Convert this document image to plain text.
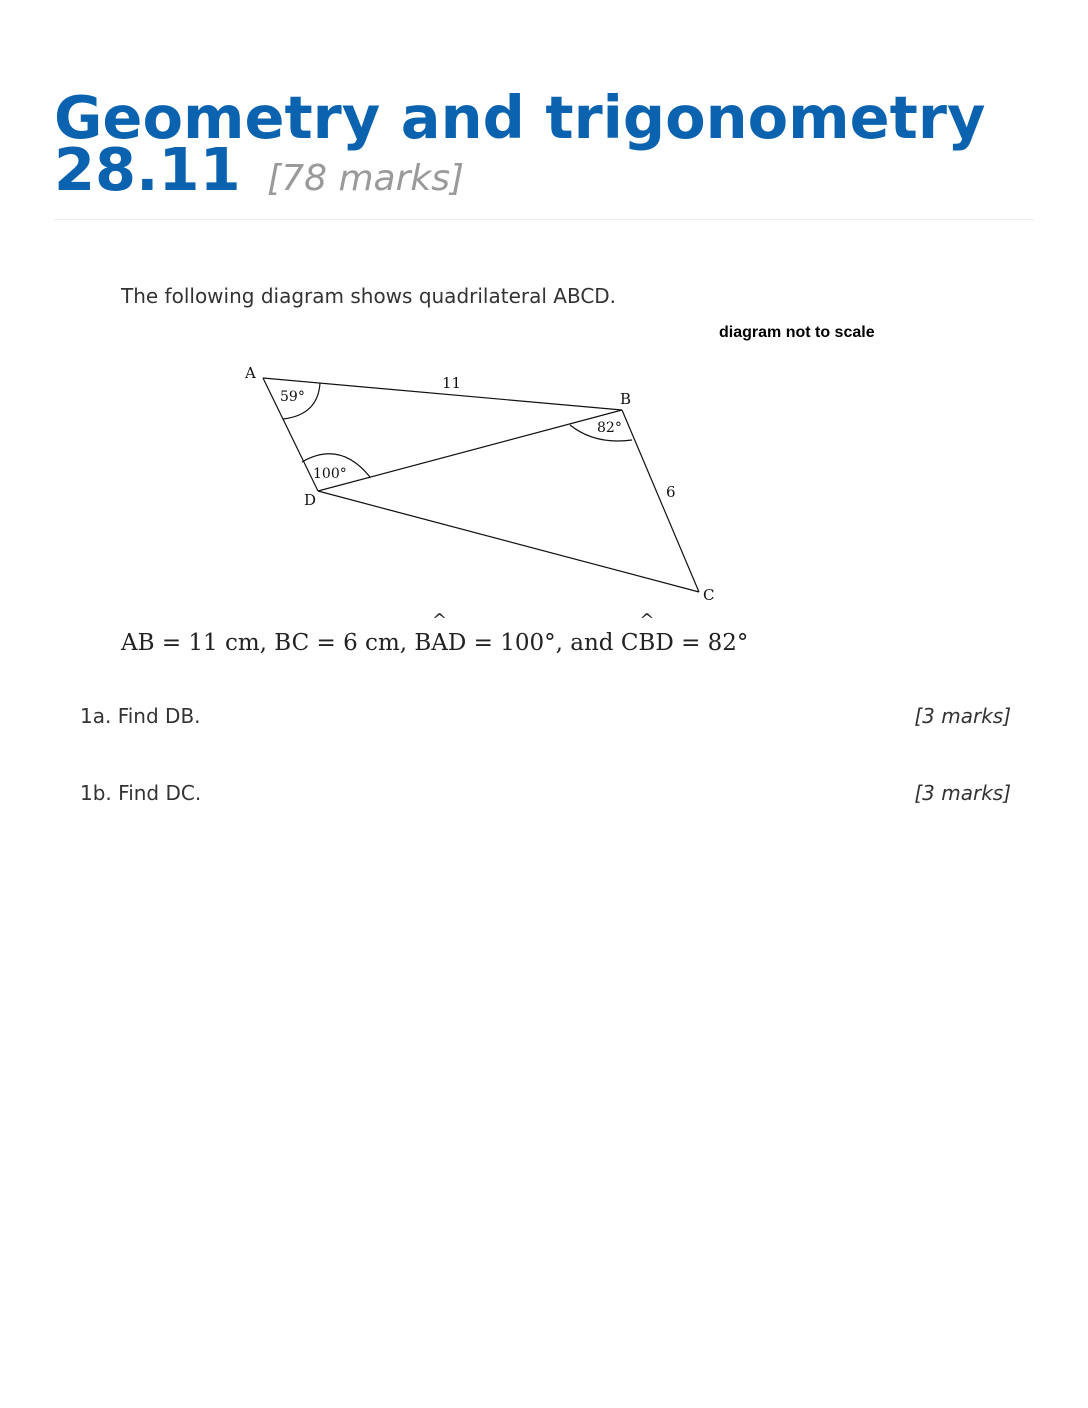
Geometry and trigonometry 28.11 [78 marks]
The following diagram shows quadrilateral ABCD.
diagram not to scale
A
B
C
D
11
6
59°
82°
100°
AB = 11 cm, BC = 6 cm, B^ AD = 100°, and C^ BD = 82°
1a. Find DB.	[3 marks]
1b. Find DC.	[3 marks]
